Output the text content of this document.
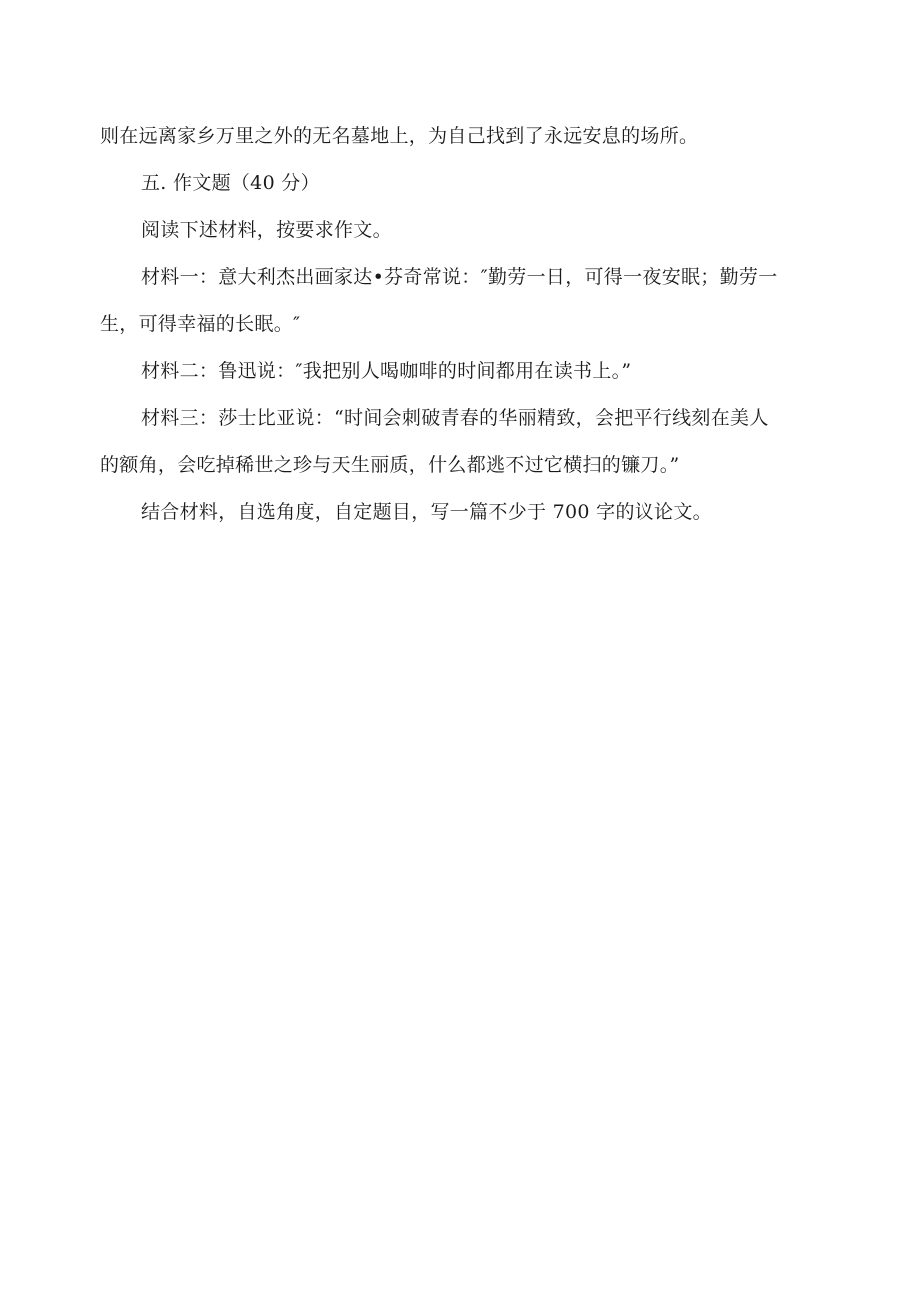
则在远离家乡万里之外的无名墓地上，为自己找到了永远安息的场所。

五. 作文题（40 分）

阅读下述材料，按要求作文。

材料一：意大利杰出画家达•芬奇常说：″勤劳一日，可得一夜安眠；勤劳一
生，可得幸福的长眠。″

材料二：鲁迅说：″我把别人喝咖啡的时间都用在读书上。”

材料三：莎士比亚说：“时间会刺破青春的华丽精致，会把平行线刻在美人
的额角，会吃掉稀世之珍与天生丽质，什么都逃不过它横扫的镰刀。”

结合材料，自选角度，自定题目，写一篇不少于 700 字的议论文。
